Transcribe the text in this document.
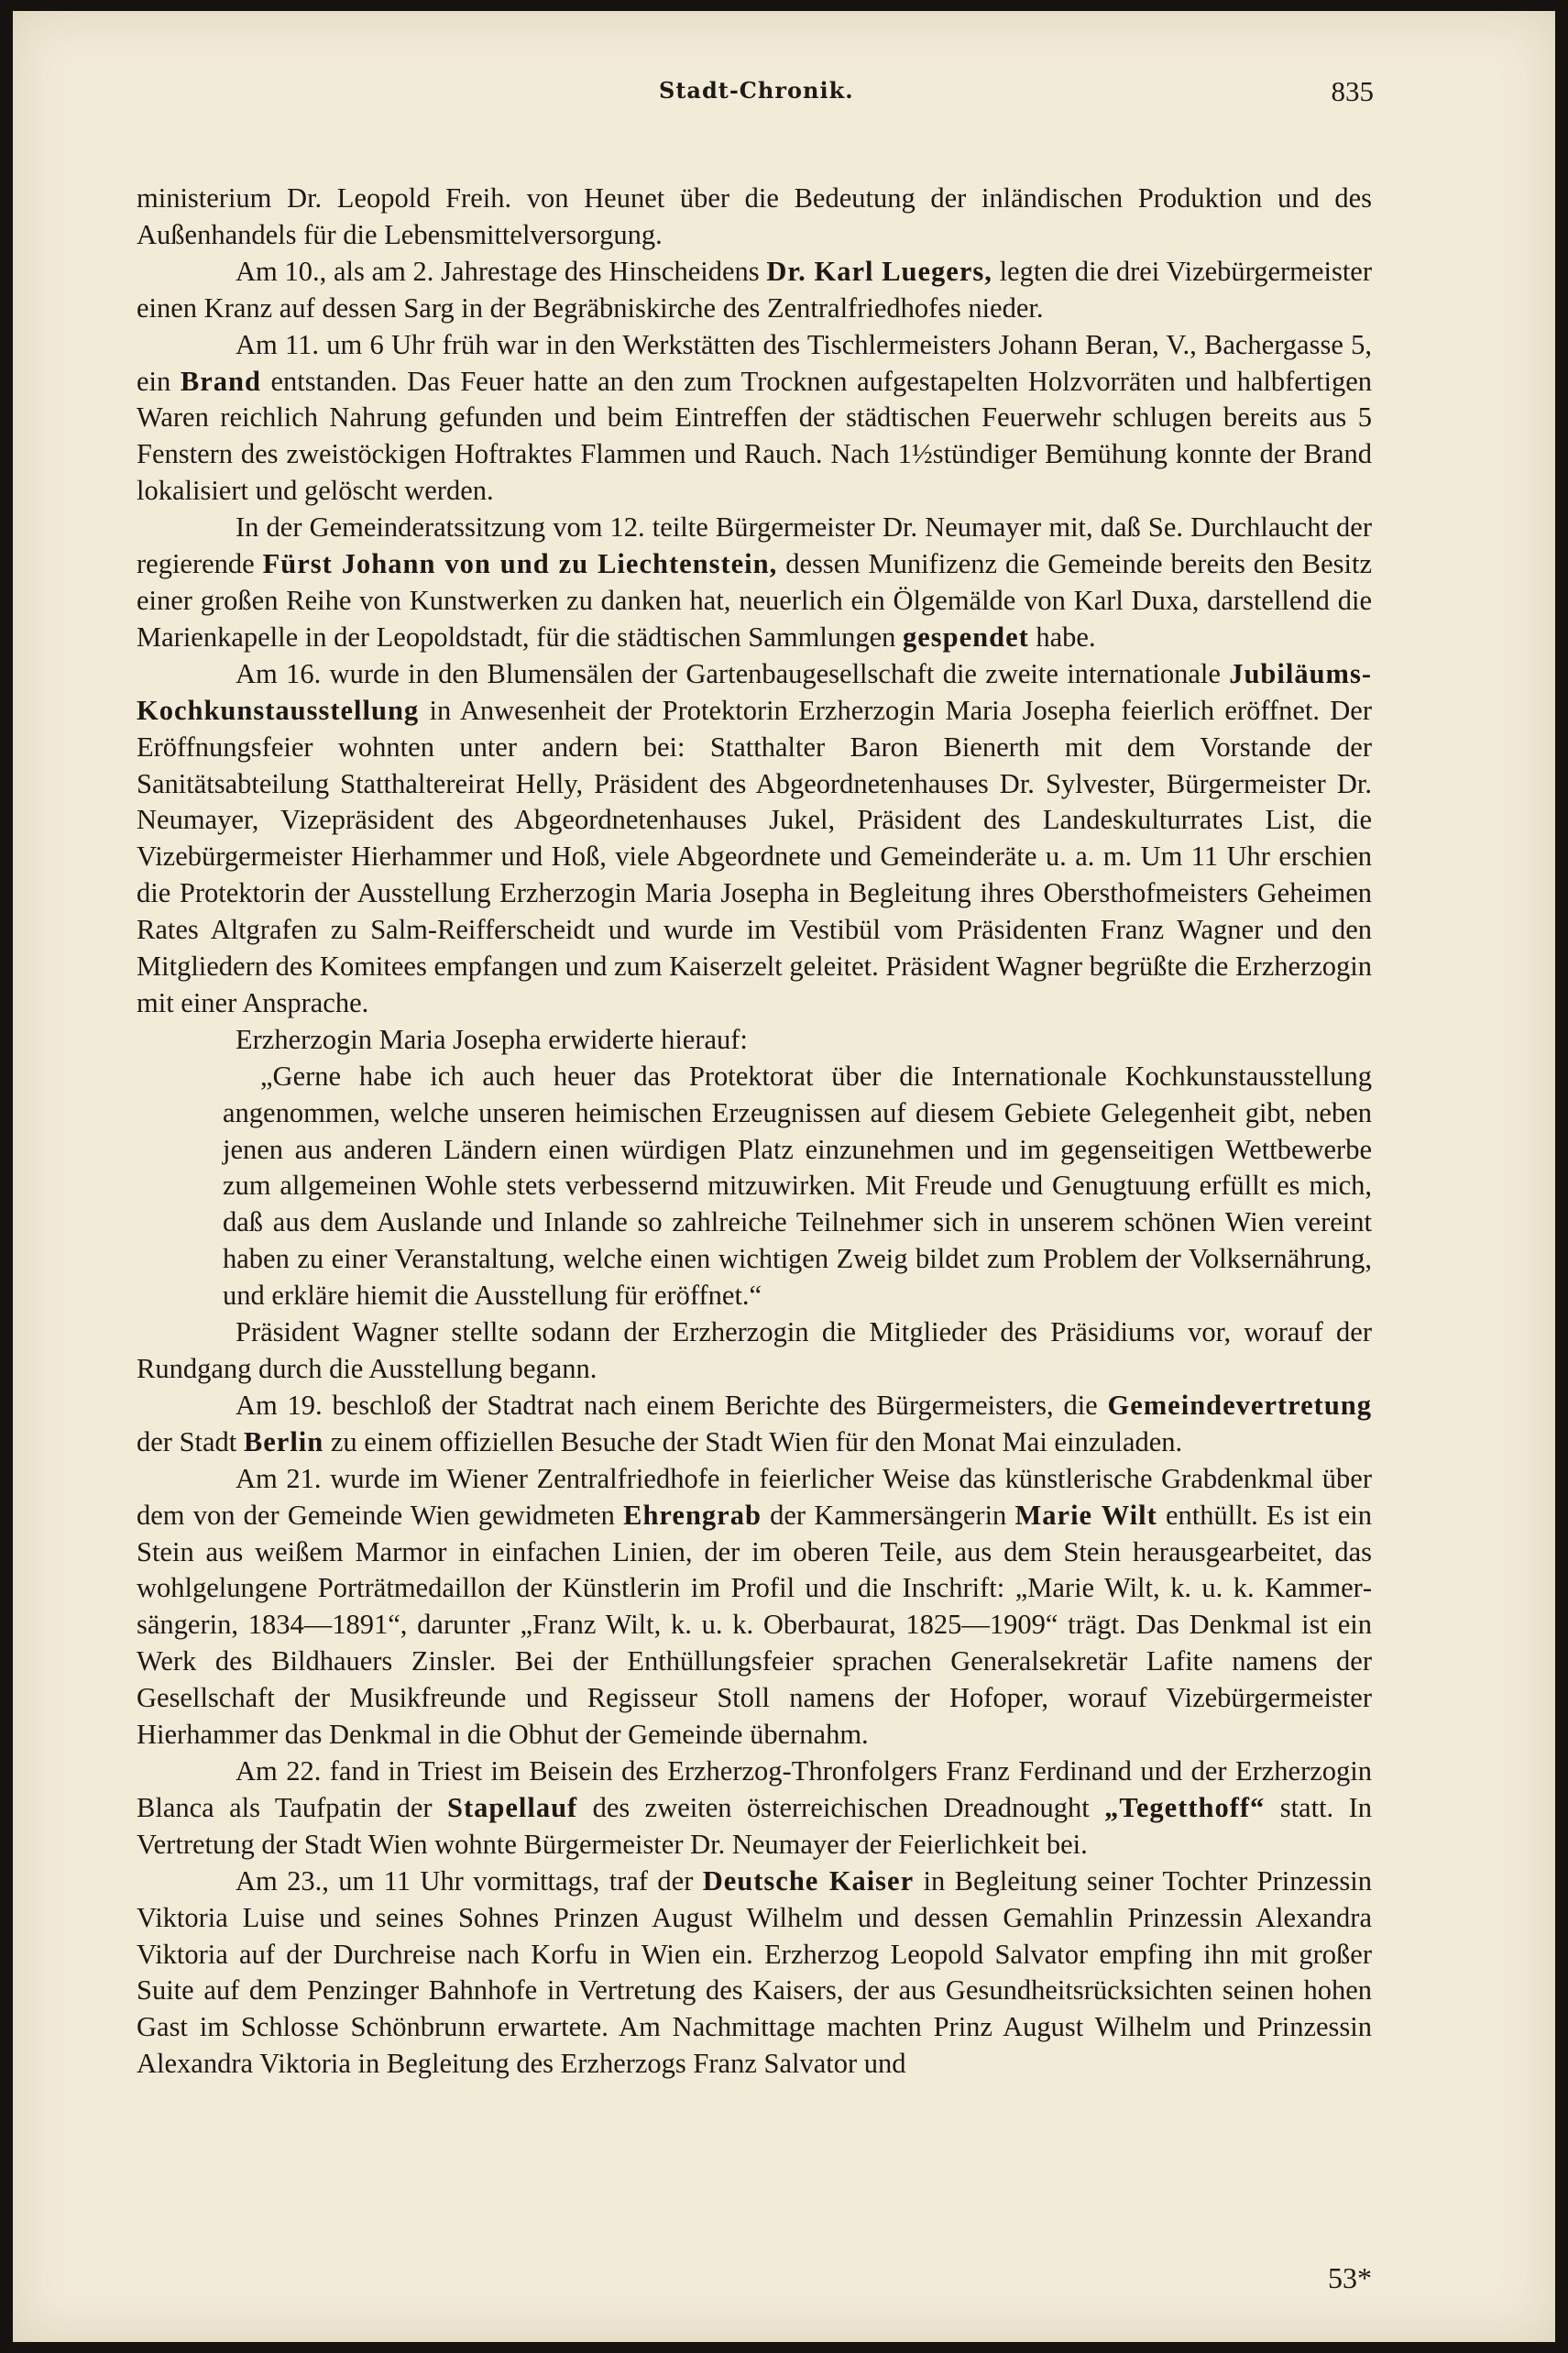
Stadt-Chronik.	835

ministerium Dr. Leopold Freih. von Heunet über die Bedeutung der inländischen Produktion und des Außenhandels für die Lebensmittelversorgung.

Am 10., als am 2. Jahrestage des Hinscheidens Dr. Karl Luegers, legten die drei Vizebürgermeister einen Kranz auf dessen Sarg in der Begräbniskirche des Zentralfriedhofes nieder.

Am 11. um 6 Uhr früh war in den Werkstätten des Tischlermeisters Johann Beran, V., Bachergasse 5, ein Brand entstanden. Das Feuer hatte an den zum Trocknen aufgestapelten Holzvorräten und halbfertigen Waren reichlich Nahrung gefunden und beim Eintreffen der städtischen Feuerwehr schlugen bereits aus 5 Fenstern des zweistöckigen Hoftraktes Flammen und Rauch. Nach 1½stündiger Bemühung konnte der Brand lokalisiert und gelöscht werden.

In der Gemeinderatssitzung vom 12. teilte Bürgermeister Dr. Neumayer mit, daß Se. Durchlaucht der regierende Fürst Johann von und zu Liechtenstein, dessen Munifizenz die Gemeinde bereits den Besitz einer großen Reihe von Kunstwerken zu danken hat, neuerlich ein Ölgemälde von Karl Duxa, darstellend die Marienkapelle in der Leopoldstadt, für die städtischen Sammlungen gespendet habe.

Am 16. wurde in den Blumensälen der Gartenbaugesellschaft die zweite internationale Jubiläums-Kochkunstausstellung in Anwesenheit der Protektorin Erzherzogin Maria Josepha feierlich eröffnet. Der Eröffnungsfeier wohnten unter andern bei: Statthalter Baron Bienerth mit dem Vorstande der Sanitätsabteilung Statthaltereirat Helly, Präsident des Abgeordnetenhauses Dr. Sylvester, Bürgermeister Dr. Neumayer, Vizepräsident des Abgeordnetenhauses Jukel, Präsident des Landeskulturrates List, die Vizebürgermeister Hierhammer und Hoß, viele Abgeordnete und Gemeinderäte u. a. m. Um 11 Uhr erschien die Protektorin der Ausstellung Erzherzogin Maria Josepha in Begleitung ihres Obersthofmeisters Geheimen Rates Altgrafen zu Salm-Reifferscheidt und wurde im Vestibül vom Präsidenten Franz Wagner und den Mitgliedern des Komitees empfangen und zum Kaiserzelt geleitet. Präsident Wagner begrüßte die Erzherzogin mit einer Ansprache.

Erzherzogin Maria Josepha erwiderte hierauf:

„Gerne habe ich auch heuer das Protektorat über die Internationale Kochkunstausstellung angenommen, welche unseren heimischen Erzeugnissen auf diesem Gebiete Gelegenheit gibt, neben jenen aus anderen Ländern einen würdigen Platz einzunehmen und im gegenseitigen Wettbewerbe zum allgemeinen Wohle stets verbessernd mitzuwirken. Mit Freude und Genugtuung erfüllt es mich, daß aus dem Auslande und Inlande so zahlreiche Teilnehmer sich in unserem schönen Wien vereint haben zu einer Veranstaltung, welche einen wichtigen Zweig bildet zum Problem der Volksernährung, und erkläre hiemit die Ausstellung für eröffnet.“

Präsident Wagner stellte sodann der Erzherzogin die Mitglieder des Präsidiums vor, worauf der Rundgang durch die Ausstellung begann.

Am 19. beschloß der Stadtrat nach einem Berichte des Bürgermeisters, die Gemeindevertretung der Stadt Berlin zu einem offiziellen Besuche der Stadt Wien für den Monat Mai einzuladen.

Am 21. wurde im Wiener Zentralfriedhofe in feierlicher Weise das künstlerische Grabdenkmal über dem von der Gemeinde Wien gewidmeten Ehrengrab der Kammersängerin Marie Wilt enthüllt. Es ist ein Stein aus weißem Marmor in einfachen Linien, der im oberen Teile, aus dem Stein herausgearbeitet, das wohlgelungene Porträtmedaillon der Künstlerin im Profil und die Inschrift: „Marie Wilt, k. u. k. Kammersängerin, 1834—1891“, darunter „Franz Wilt, k. u. k. Oberbaurat, 1825—1909“ trägt. Das Denkmal ist ein Werk des Bildhauers Zinsler. Bei der Enthüllungsfeier sprachen Generalsekretär Lafite namens der Gesellschaft der Musikfreunde und Regisseur Stoll namens der Hofoper, worauf Vizebürgermeister Hierhammer das Denkmal in die Obhut der Gemeinde übernahm.

Am 22. fand in Triest im Beisein des Erzherzog-Thronfolgers Franz Ferdinand und der Erzherzogin Blanca als Taufpatin der Stapellauf des zweiten österreichischen Dreadnought „Tegetthoff“ statt. In Vertretung der Stadt Wien wohnte Bürgermeister Dr. Neumayer der Feierlichkeit bei.

Am 23., um 11 Uhr vormittags, traf der Deutsche Kaiser in Begleitung seiner Tochter Prinzessin Viktoria Luise und seines Sohnes Prinzen August Wilhelm und dessen Gemahlin Prinzessin Alexandra Viktoria auf der Durchreise nach Korfu in Wien ein. Erzherzog Leopold Salvator empfing ihn mit großer Suite auf dem Penzinger Bahnhofe in Vertretung des Kaisers, der aus Gesundheitsrücksichten seinen hohen Gast im Schlosse Schönbrunn erwartete. Am Nachmittage machten Prinz August Wilhelm und Prinzessin Alexandra Viktoria in Begleitung des Erzherzogs Franz Salvator und

53*
